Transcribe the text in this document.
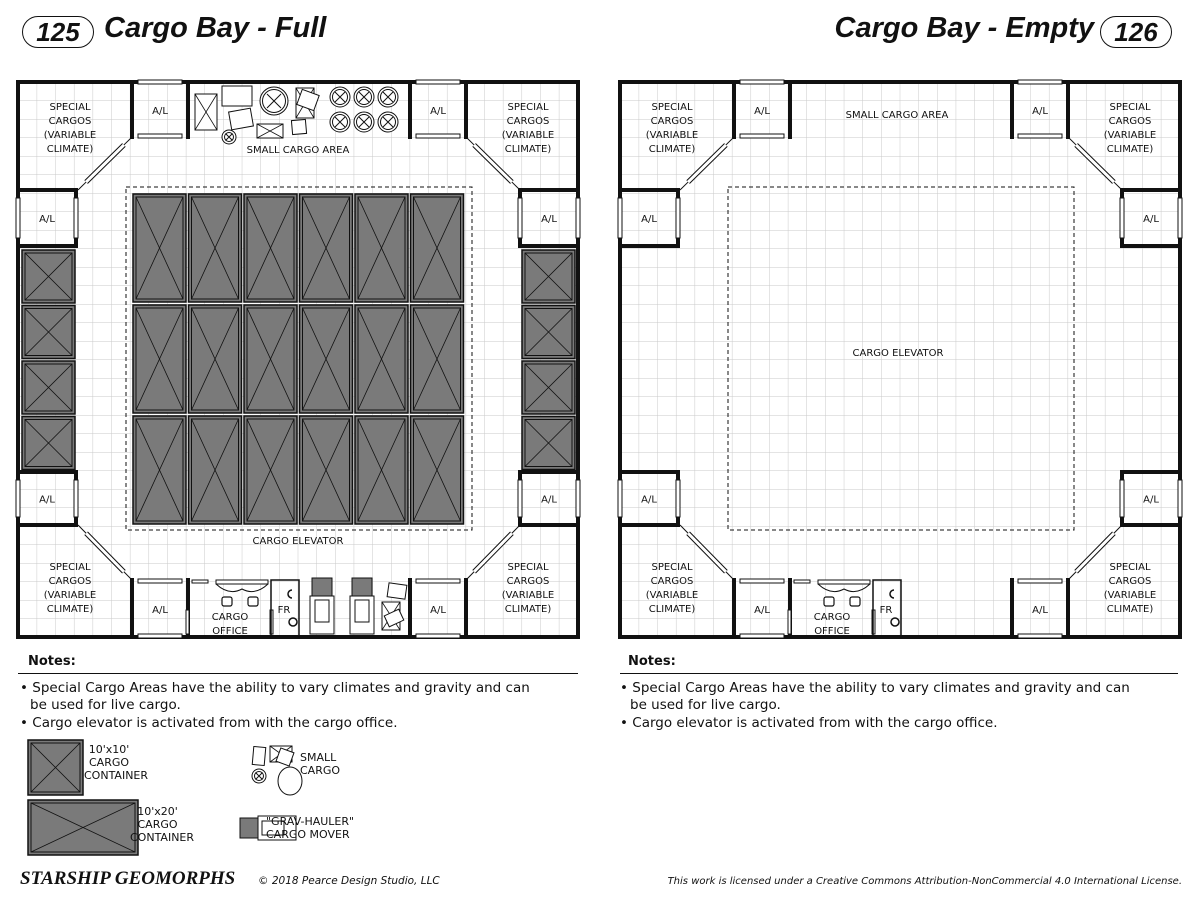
A/L	A/L
A/L	A/L
A/L	A/L
A/L	A/L
SPECIAL
CARGOS
(VARIABLE
CLIMATE)
SPECIAL
CARGOS
(VARIABLE
CLIMATE)
SPECIAL
CARGOS
(VARIABLE
CLIMATE)
SPECIAL
CARGOS
(VARIABLE
CLIMATE)
FR
CARGO
OFFICE
SMALL CARGO AREA
CARGO ELEVATOR
A/L	A/L
A/L	A/L
A/L	A/L
A/L	A/L
SPECIAL
CARGOS
(VARIABLE
CLIMATE)
SPECIAL
CARGOS
(VARIABLE
CLIMATE)
SPECIAL
CARGOS
(VARIABLE
CLIMATE)
SPECIAL
CARGOS
(VARIABLE
CLIMATE)
FR
CARGO
OFFICE
SMALL CARGO AREA
CARGO ELEVATOR
125 Cargo Bay - Full	Cargo Bay - Empty 126
Notes:
• Special Cargo Areas have the ability to vary climates and gravity and can
be used for live cargo.
• Cargo elevator is activated from with the cargo office.
Notes:
• Special Cargo Areas have the ability to vary climates and gravity and can
be used for live cargo.
• Cargo elevator is activated from with the cargo office.
10'x10'
CARGO
CONTAINER
10'x20'
CARGO
CONTAINER
SMALL
CARGO
"GRAV-HAULER"
CARGO MOVER
STARSHIP GEOMORPHS © 2018 Pearce Design Studio, LLC	This work is licensed under a Creative Commons Attribution-NonCommercial 4.0 International License.
